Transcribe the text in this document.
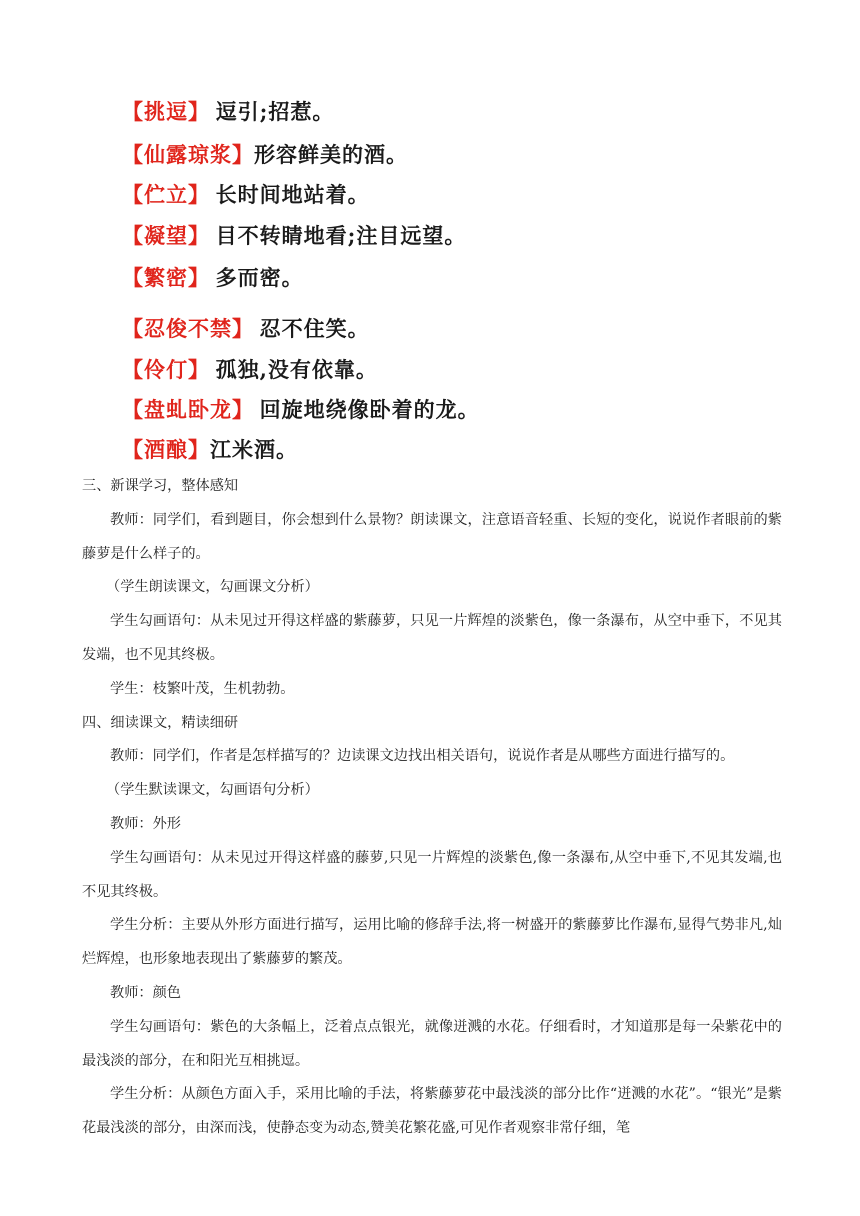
【挑逗】 逗引;招惹。
【仙露琼浆】形容鲜美的酒。
【伫立】 长时间地站着。
【凝望】 目不转睛地看;注目远望。
【繁密】 多而密。
【忍俊不禁】 忍不住笑。
【伶仃】 孤独,没有依靠。
【盘虬卧龙】 回旋地绕像卧着的龙。
【酒酿】江米酒。

三、新课学习，整体感知

教师：同学们，看到题目，你会想到什么景物？朗读课文，注意语音轻重、长短的变化，说说作者眼前的紫藤萝是什么样子的。

（学生朗读课文，勾画课文分析）

学生勾画语句：从未见过开得这样盛的紫藤萝，只见一片辉煌的淡紫色，像一条瀑布，从空中垂下，不见其发端，也不见其终极。

学生：枝繁叶茂，生机勃勃。

四、细读课文，精读细研

教师：同学们，作者是怎样描写的？边读课文边找出相关语句，说说作者是从哪些方面进行描写的。

（学生默读课文，勾画语句分析）

教师：外形

学生勾画语句：从未见过开得这样盛的藤萝,只见一片辉煌的淡紫色,像一条瀑布,从空中垂下,不见其发端,也不见其终极。

学生分析：主要从外形方面进行描写，运用比喻的修辞手法,将一树盛开的紫藤萝比作瀑布,显得气势非凡,灿烂辉煌，也形象地表现出了紫藤萝的繁茂。

教师：颜色

学生勾画语句：紫色的大条幅上，泛着点点银光，就像迸溅的水花。仔细看时，才知道那是每一朵紫花中的最浅淡的部分，在和阳光互相挑逗。

学生分析：从颜色方面入手，采用比喻的手法，将紫藤萝花中最浅淡的部分比作“迸溅的水花”。“银光”是紫花最浅淡的部分，由深而浅，使静态变为动态,赞美花繁花盛,可见作者观察非常仔细，笔
